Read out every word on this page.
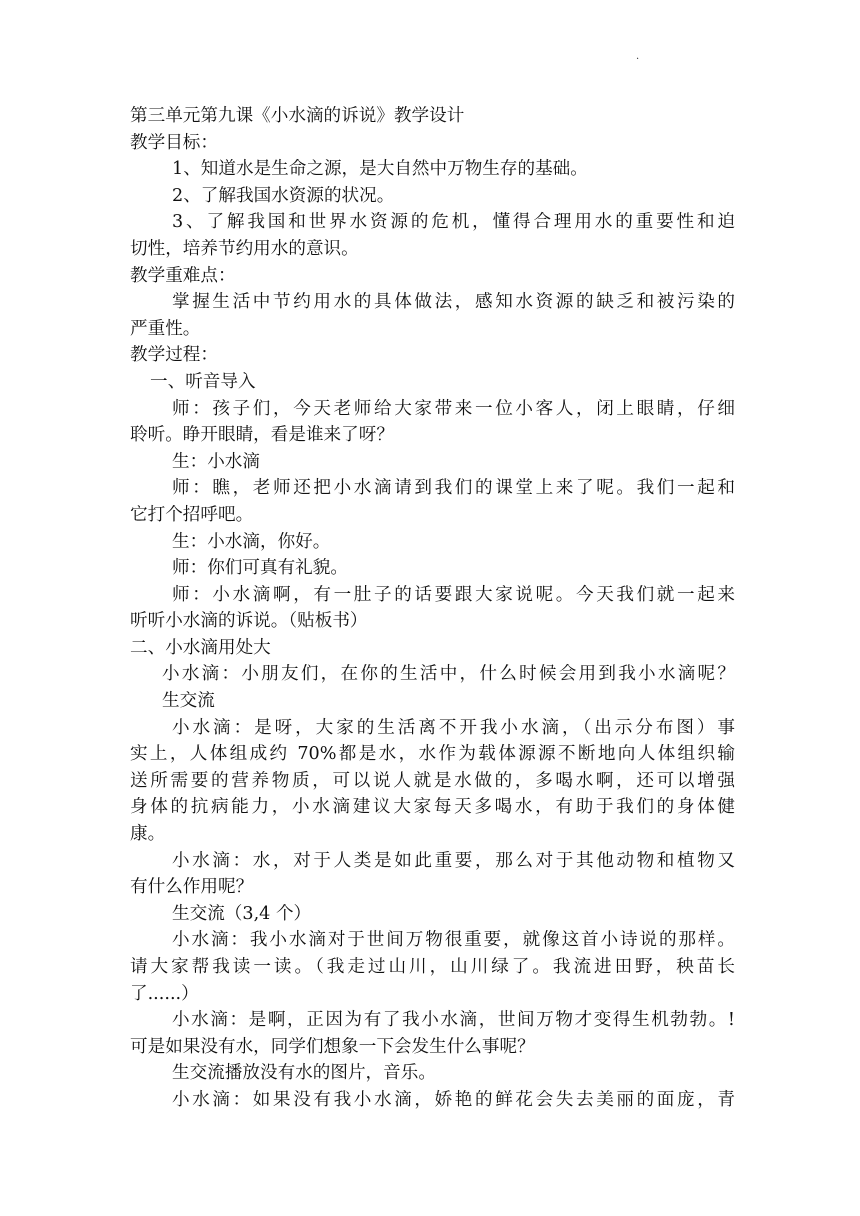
.
第三单元第九课《小水滴的诉说》教学设计
教学目标：
1、知道水是生命之源，是大自然中万物生存的基础。
2、了解我国水资源的状况。
3、了解我国和世界水资源的危机，懂得合理用水的重要性和迫
切性，培养节约用水的意识。
教学重难点：
掌握生活中节约用水的具体做法，感知水资源的缺乏和被污染的
严重性。
教学过程：
一、听音导入
师：孩子们，今天老师给大家带来一位小客人，闭上眼睛，仔细
聆听。睁开眼睛，看是谁来了呀？
生：小水滴
师：瞧，老师还把小水滴请到我们的课堂上来了呢。我们一起和
它打个招呼吧。
生：小水滴，你好。
师：你们可真有礼貌。
师：小水滴啊，有一肚子的话要跟大家说呢。今天我们就一起来
听听小水滴的诉说。（贴板书）
二、小水滴用处大
小水滴：小朋友们，在你的生活中，什么时候会用到我小水滴呢？
生交流
小水滴：是呀，大家的生活离不开我小水滴，（出示分布图）事
实上，人体组成约 70%都是水，水作为载体源源不断地向人体组织输
送所需要的营养物质，可以说人就是水做的，多喝水啊，还可以增强
身体的抗病能力，小水滴建议大家每天多喝水，有助于我们的身体健
康。
小水滴：水，对于人类是如此重要，那么对于其他动物和植物又
有什么作用呢？
生交流（3,4 个）
小水滴：我小水滴对于世间万物很重要，就像这首小诗说的那样。
请大家帮我读一读。（我走过山川，山川绿了。我流进田野，秧苗长
了......）
小水滴：是啊，正因为有了我小水滴，世间万物才变得生机勃勃。!
可是如果没有水，同学们想象一下会发生什么事呢？
生交流播放没有水的图片，音乐。
小水滴：如果没有我小水滴，娇艳的鲜花会失去美丽的面庞，青
